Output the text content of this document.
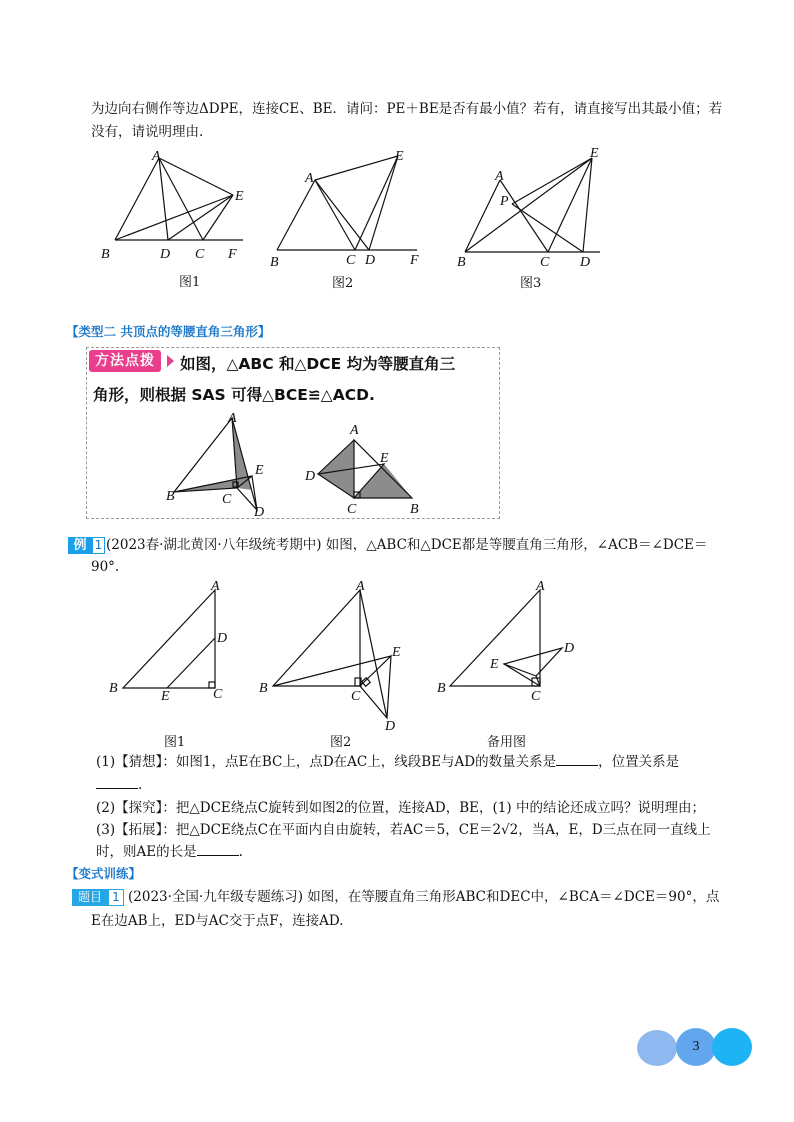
为边向右侧作等边ΔDPE，连接CE、BE．请问：PE＋BE是否有最小值？若有，请直接写出其最小值；若
没有，请说明理由.
A
E
B	D C F
图1
E
A
B	C D F
图2
E
A
P
B	C D
图3
【类型二 共顶点的等腰直角三角形】
方法点拨	如图，△ABC 和△DCE 均为等腰直角三
角形，则根据 SAS 可得△BCE≌△ACD.
A
E
B	C
D
A
E
D
C	B
例 1 (2023春·湖北黄冈·八年级统考期中) 如图，△ABC和△DCE都是等腰直角三角形，∠ACB＝∠DCE＝
90°.
A
D
B
E	C
图1
A
E
B
C
D
图2
A
D
E
B
C
备用图
(1)【猜想】：如图1，点E在BC上，点D在AC上，线段BE与AD的数量关系是	，位置关系是
.
(2)【探究】：把△DCE绕点C旋转到如图2的位置，连接AD，BE，(1) 中的结论还成立吗？说明理由；
(3)【拓展】：把△DCE绕点C在平面内自由旋转，若AC＝5，CE＝2√2，当A，E，D三点在同一直线上
时，则AE的长是	.
【变式训练】
题目 1 (2023·全国·九年级专题练习) 如图，在等腰直角三角形ABC和DEC中，∠BCA＝∠DCE＝90°，点
E在边AB上，ED与AC交于点F，连接AD.
3
